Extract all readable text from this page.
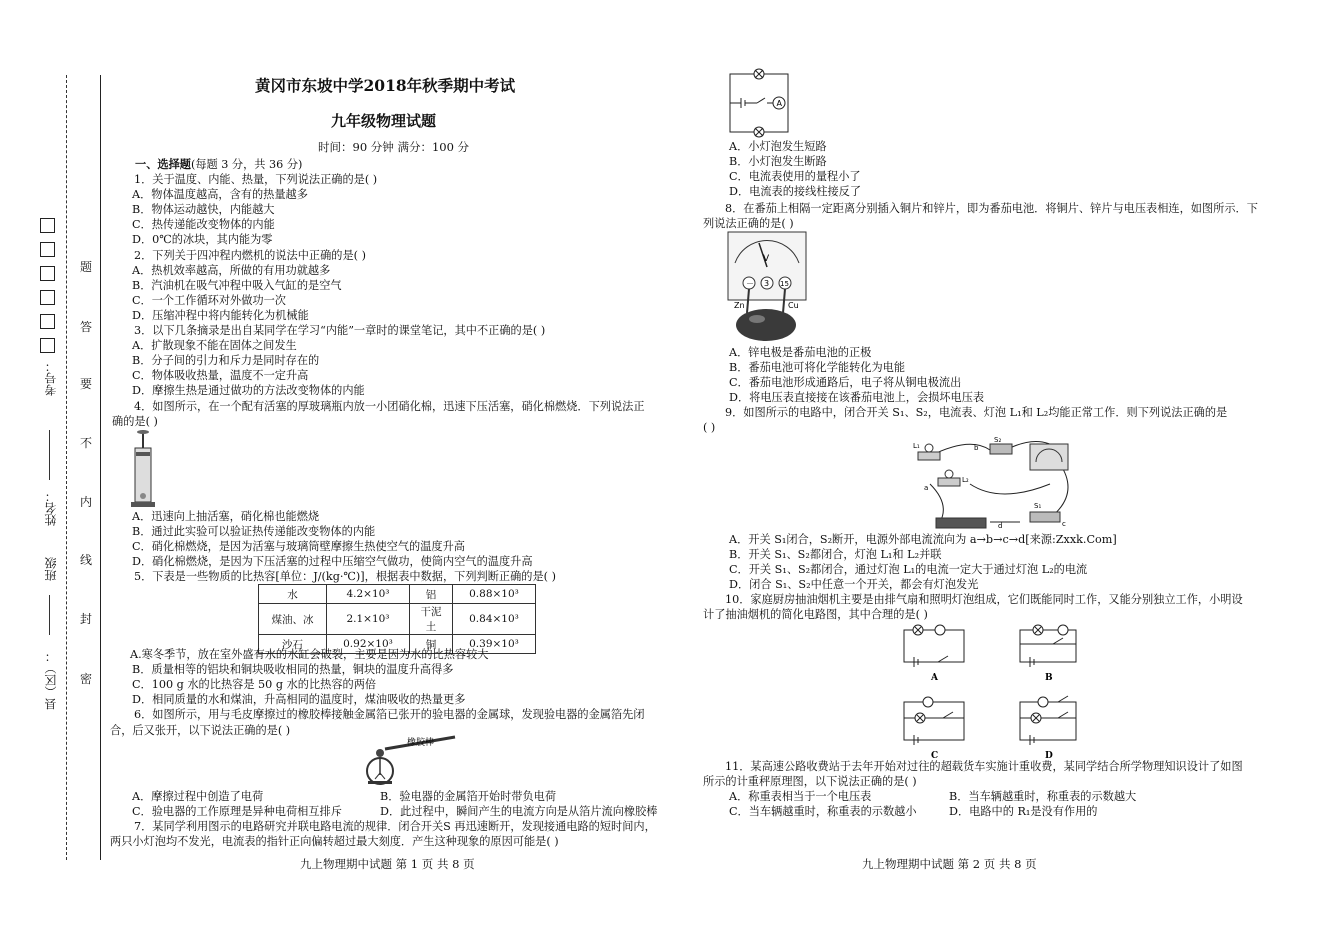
题
答
要
不
内
线
封
密
考号：
姓名：
班级
县（区）：
黄冈市东坡中学2018年秋季期中考试
九年级物理试题
时间：90 分钟 满分：100 分
一、选择题(每题 3 分，共 36 分)
1．关于温度、内能、热量，下列说法正确的是( )
A．物体温度越高，含有的热量越多
B．物体运动越快，内能越大
C．热传递能改变物体的内能
D．0℃的冰块，其内能为零
2．下列关于四冲程内燃机的说法中正确的是( )
A．热机效率越高，所做的有用功就越多
B．汽油机在吸气冲程中吸入气缸的是空气
C．一个工作循环对外做功一次
D．压缩冲程中将内能转化为机械能
3．以下几条摘录是出自某同学在学习“内能”一章时的课堂笔记，其中不正确的是( )
A．扩散现象不能在固体之间发生
B．分子间的引力和斥力是同时存在的
C．物体吸收热量，温度不一定升高
D．摩擦生热是通过做功的方法改变物体的内能
4．如图所示，在一个配有活塞的厚玻璃瓶内放一小团硝化棉，迅速下压活塞，硝化棉燃烧．下列说法正
确的是( )
A．迅速向上抽活塞，硝化棉也能燃烧
B．通过此实验可以验证热传递能改变物体的内能
C．硝化棉燃烧，是因为活塞与玻璃筒壁摩擦生热使空气的温度升高
D．硝化棉燃烧，是因为下压活塞的过程中压缩空气做功，使筒内空气的温度升高
5．下表是一些物质的比热容[单位：J/(kg·℃)]，根据表中数据，下列判断正确的是( )
水	4.2×10³	铝	0.88×10³
煤油、冰	2.1×10³	干泥土	0.84×10³
沙石	0.92×10³	铜	0.39×10³
A.寒冬季节，放在室外盛有水的水缸会破裂，主要是因为水的比热容较大
B．质量相等的铝块和铜块吸收相同的热量，铜块的温度升高得多
C．100 g 水的比热容是 50 g 水的比热容的两倍
D．相同质量的水和煤油，升高相同的温度时，煤油吸收的热量更多
6．如图所示，用与毛皮摩擦过的橡胶棒接触金属箔已张开的验电器的金属球，发现验电器的金属箔先闭
合，后又张开，以下说法正确的是( )
橡胶棒
A．摩擦过程中创造了电荷	B．验电器的金属箔开始时带负电荷
C．验电器的工作原理是异种电荷相互排斥	D．此过程中，瞬间产生的电流方向是从箔片流向橡胶棒
7．某同学利用图示的电路研究并联电路电流的规律．闭合开关S 再迅速断开，发现接通电路的短时间内，
两只小灯泡均不发光，电流表的指针正向偏转超过最大刻度．产生这种现象的原因可能是( )
九上物理期中试题 第 1 页 共 8 页
A
A．小灯泡发生短路
B．小灯泡发生断路
C．电流表使用的量程小了
D．电流表的接线柱接反了
8．在番茄上相隔一定距离分别插入铜片和锌片，即为番茄电池．将铜片、锌片与电压表相连，如图所示．下
列说法正确的是( )
V
－ 3 15
Zn	Cu
A．锌电极是番茄电池的正极
B．番茄电池可将化学能转化为电能
C．番茄电池形成通路后，电子将从铜电极流出
D．将电压表直接接在该番茄电池上，会损坏电压表
9．如图所示的电路中，闭合开关 S₁、S₂，电流表、灯泡 L₁和 L₂均能正常工作．则下列说法正确的是
( )
L₁
L₂
S₂
S₁
a
b
c
d
A．开关 S₁闭合，S₂断开，电源外部电流流向为 a→b→c→d[来源:Zxxk.Com]
B．开关 S₁、S₂都闭合，灯泡 L₁和 L₂并联
C．开关 S₁、S₂都闭合，通过灯泡 L₁的电流一定大于通过灯泡 L₂的电流
D．闭合 S₁、S₂中任意一个开关，都会有灯泡发光
10．家庭厨房抽油烟机主要是由排气扇和照明灯泡组成，它们既能同时工作，又能分别独立工作，小明设
计了抽油烟机的简化电路图，其中合理的是( )
A	B
C	D
11．某高速公路收费站于去年开始对过往的超载货车实施计重收费，某同学结合所学物理知识设计了如图
所示的计重秤原理图，以下说法正确的是( )
A．称重表相当于一个电压表	B．当车辆越重时，称重表的示数越大
C．当车辆越重时，称重表的示数越小	D．电路中的 R₁是没有作用的
九上物理期中试题 第 2 页 共 8 页
